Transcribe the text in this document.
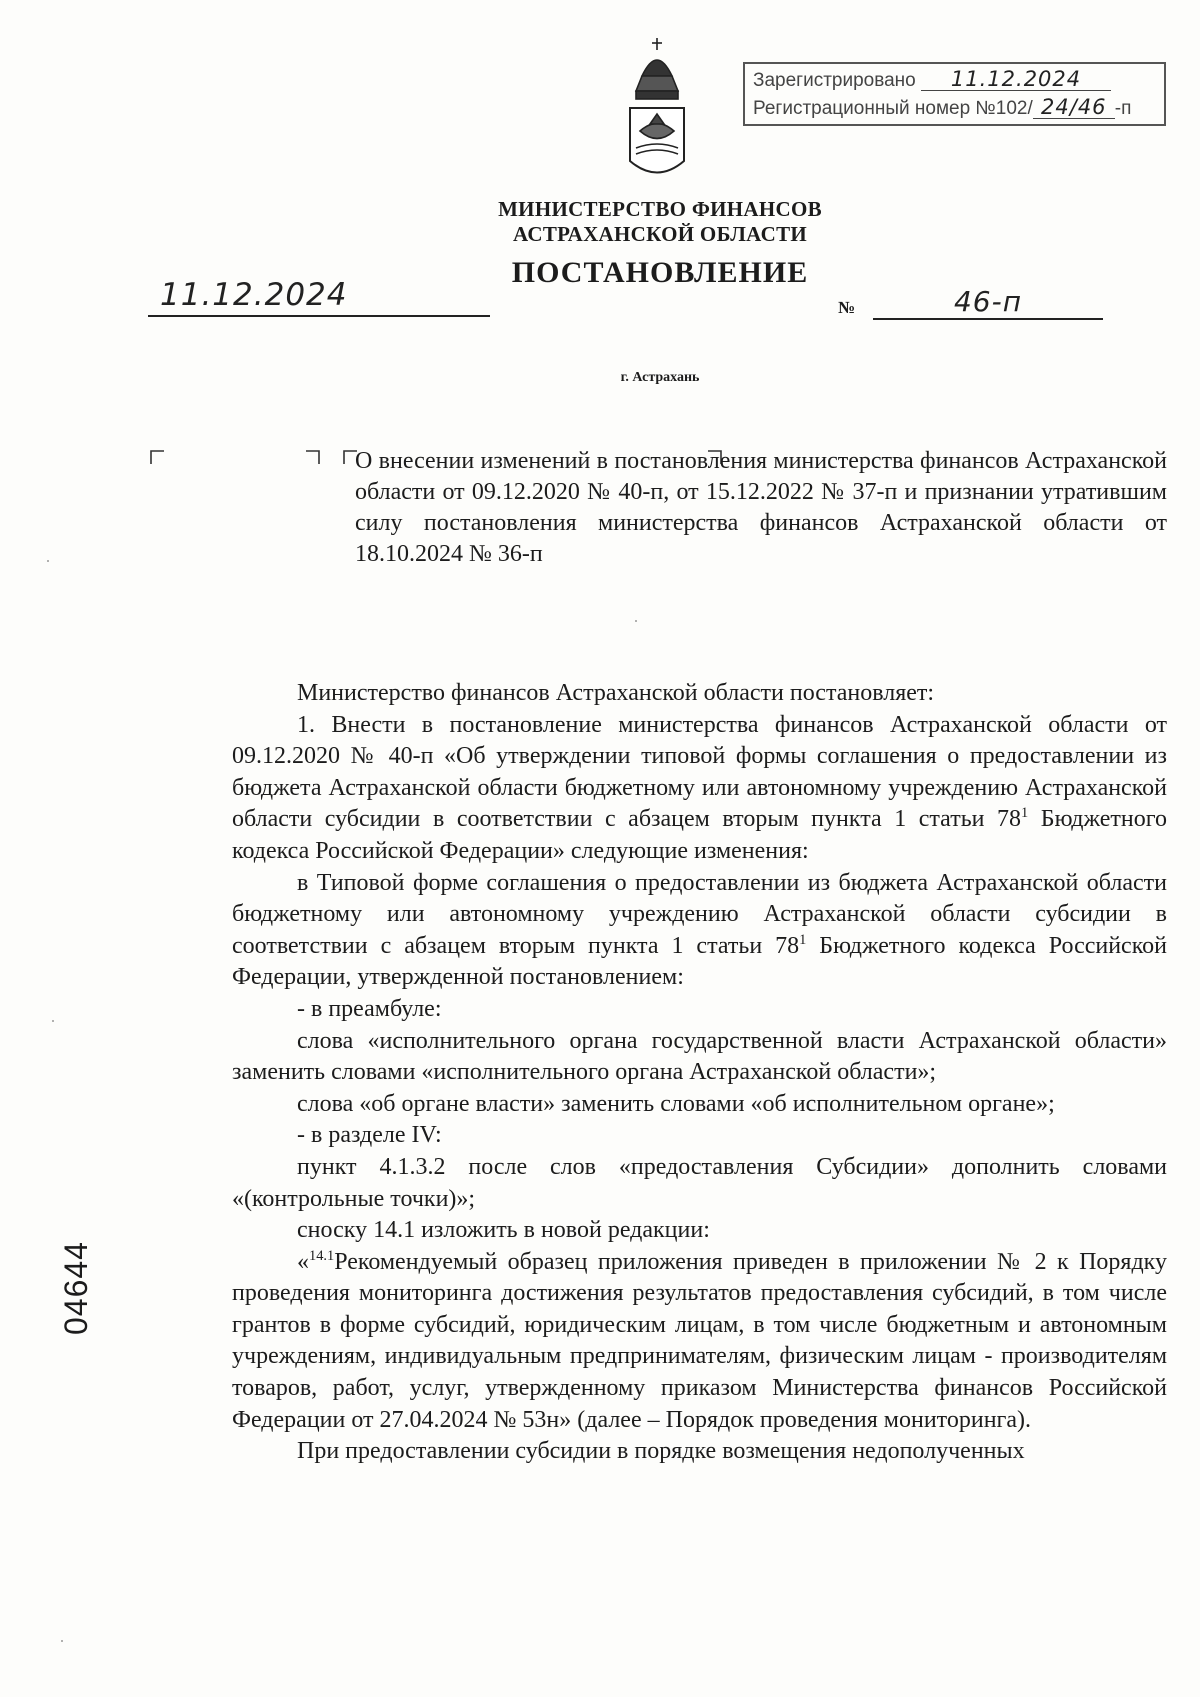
Зарегистрировано 11.12.2024
Регистрационный номер №102/ 24/46 -п
МИНИСТЕРСТВО ФИНАНСОВ
АСТРАХАНСКОЙ ОБЛАСТИ
ПОСТАНОВЛЕНИЕ
11.12.2024	№	46-п
г. Астрахань
О внесении изменений в постановления министерства финансов Астраханской области от 09.12.2020 № 40-п, от 15.12.2022 № 37-п и признании утратившим силу постановления министерства финансов Астраханской области от 18.10.2024 № 36-п

Министерство финансов Астраханской области постановляет:

1. Внести в постановление министерства финансов Астраханской области от 09.12.2020 № 40-п «Об утверждении типовой формы соглашения о предоставлении из бюджета Астраханской области бюджетному или автономному учреждению Астраханской области субсидии в соответствии с абзацем вторым пункта 1 статьи $78^1$ Бюджетного кодекса Российской Федерации» следующие изменения:

в Типовой форме соглашения о предоставлении из бюджета Астраханской области бюджетному или автономному учреждению Астраханской области субсидии в соответствии с абзацем вторым пункта 1 статьи $78^1$ Бюджетного кодекса Российской Федерации, утвержденной постановлением:

- в преамбуле:

слова «исполнительного органа государственной власти Астраханской области» заменить словами «исполнительного органа Астраханской области»;

слова «об органе власти» заменить словами «об исполнительном органе»;

- в разделе IV:

пункт 4.1.3.2 после слов «предоставления Субсидии» дополнить словами «(контрольные точки)»;

сноску 14.1 изложить в новой редакции:

«$^{14.1}$Рекомендуемый образец приложения приведен в приложении № 2 к Порядку проведения мониторинга достижения результатов предоставления субсидий, в том числе грантов в форме субсидий, юридическим лицам, в том числе бюджетным и автономным учреждениям, индивидуальным предпринимателям, физическим лицам - производителям товаров, работ, услуг, утвержденному приказом Министерства финансов Российской Федерации от 27.04.2024 № 53н» (далее – Порядок проведения мониторинга).

При предоставлении субсидии в порядке возмещения недополученных

04644
